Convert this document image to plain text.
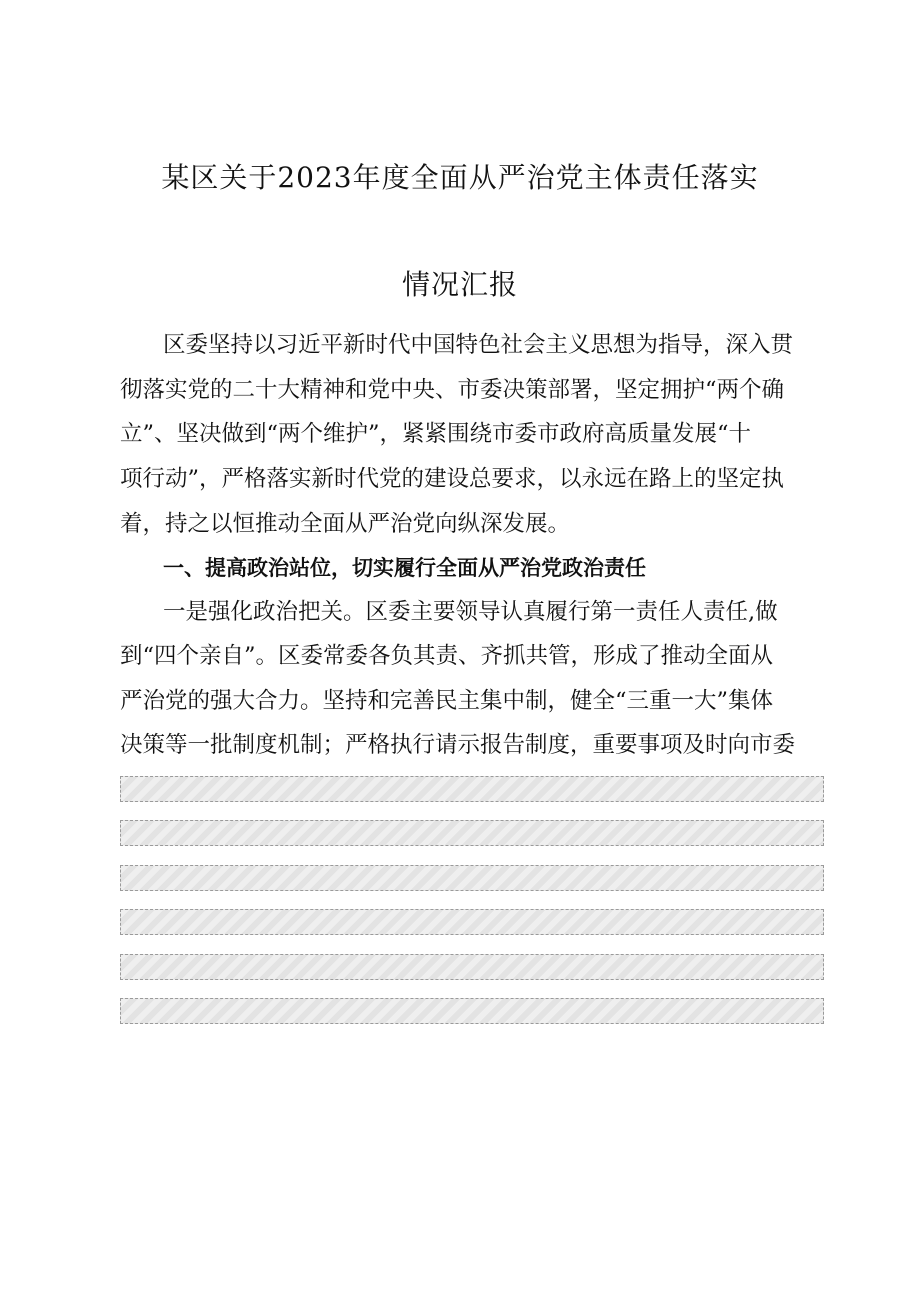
某区关于2023年度全面从严治党主体责任落实
情况汇报
区委坚持以习近平新时代中国特色社会主义思想为指导，深入贯
彻落实党的二十大精神和党中央、市委决策部署，坚定拥护“两个确
立”、坚决做到“两个维护”，紧紧围绕市委市政府高质量发展“十
项行动”，严格落实新时代党的建设总要求，以永远在路上的坚定执
着，持之以恒推动全面从严治党向纵深发展。
一、提高政治站位，切实履行全面从严治党政治责任
一是强化政治把关。区委主要领导认真履行第一责任人责任,做
到“四个亲自”。区委常委各负其责、齐抓共管，形成了推动全面从
严治党的强大合力。坚持和完善民主集中制，健全“三重一大”集体
决策等一批制度机制；严格执行请示报告制度，重要事项及时向市委
